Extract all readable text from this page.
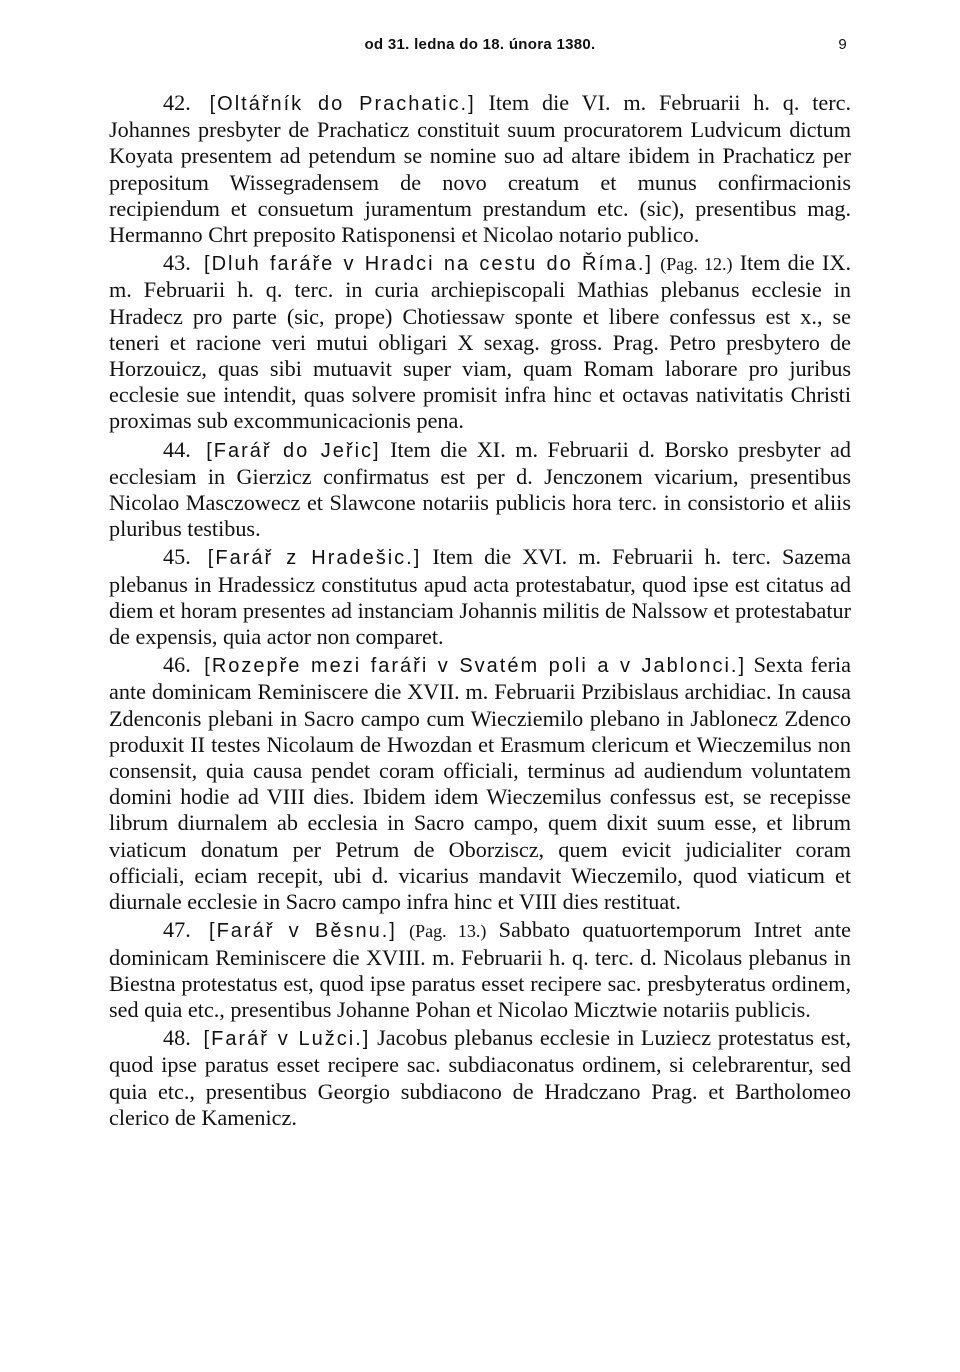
od 31. ledna do 18. února 1380.	9

42. [Oltářník do Prachatic.] Item die VI. m. Februarii h. q. terc. Johannes presbyter de Prachaticz constituit suum procuratorem Ludvicum dictum Koyata presentem ad petendum se nomine suo ad altare ibidem in Prachaticz per prepositum Wissegradensem de novo creatum et munus confirmacionis recipiendum et consuetum juramentum prestandum etc. (sic), presentibus mag. Hermanno Chrt preposito Ratisponensi et Nicolao notario publico.

43. [Dluh faráře v Hradci na cestu do Říma.] (Pag. 12.) Item die IX. m. Februarii h. q. terc. in curia archiepiscopali Mathias plebanus ecclesie in Hradecz pro parte (sic, prope) Chotiessaw sponte et libere confessus est x., se teneri et racione veri mutui obligari X sexag. gross. Prag. Petro presbytero de Horzouicz, quas sibi mutuavit super viam, quam Romam laborare pro juribus ecclesie sue intendit, quas solvere promisit infra hinc et octavas nativitatis Christi proximas sub excommunicacionis pena.

44. [Farář do Jeřic] Item die XI. m. Februarii d. Borsko presbyter ad ecclesiam in Gierzicz confirmatus est per d. Jenczonem vicarium, presentibus Nicolao Masczowecz et Slawcone notariis publicis hora terc. in consistorio et aliis pluribus testibus.

45. [Farář z Hradešic.] Item die XVI. m. Februarii h. terc. Sazema plebanus in Hradessicz constitutus apud acta protestabatur, quod ipse est citatus ad diem et horam presentes ad instanciam Johannis militis de Nalssow et protestabatur de expensis, quia actor non comparet.

46. [Rozepře mezi faráři v Svatém poli a v Jablonci.] Sexta feria ante dominicam Reminiscere die XVII. m. Februarii Przibislaus archidiac. In causa Zdenconis plebani in Sacro campo cum Wiecziemilo plebano in Jablonecz Zdenco produxit II testes Nicolaum de Hwozdan et Erasmum clericum et Wieczemilus non consensit, quia causa pendet coram officiali, terminus ad audiendum voluntatem domini hodie ad VIII dies. Ibidem idem Wieczemilus confessus est, se recepisse librum diurnalem ab ecclesia in Sacro campo, quem dixit suum esse, et librum viaticum donatum per Petrum de Oborziscz, quem evicit judicialiter coram officiali, eciam recepit, ubi d. vicarius mandavit Wieczemilo, quod viaticum et diurnale ecclesie in Sacro campo infra hinc et VIII dies restituat.

47. [Farář v Běsnu.] (Pag. 13.) Sabbato quatuortemporum Intret ante dominicam Reminiscere die XVIII. m. Februarii h. q. terc. d. Nicolaus plebanus in Biestna protestatus est, quod ipse paratus esset recipere sac. presbyteratus ordinem, sed quia etc., presentibus Johanne Pohan et Nicolao Micztwie notariis publicis.

48. [Farář v Lužci.] Jacobus plebanus ecclesie in Luziecz protestatus est, quod ipse paratus esset recipere sac. subdiaconatus ordinem, si celebrarentur, sed quia etc., presentibus Georgio subdiacono de Hradczano Prag. et Bartholomeo clerico de Kamenicz.
